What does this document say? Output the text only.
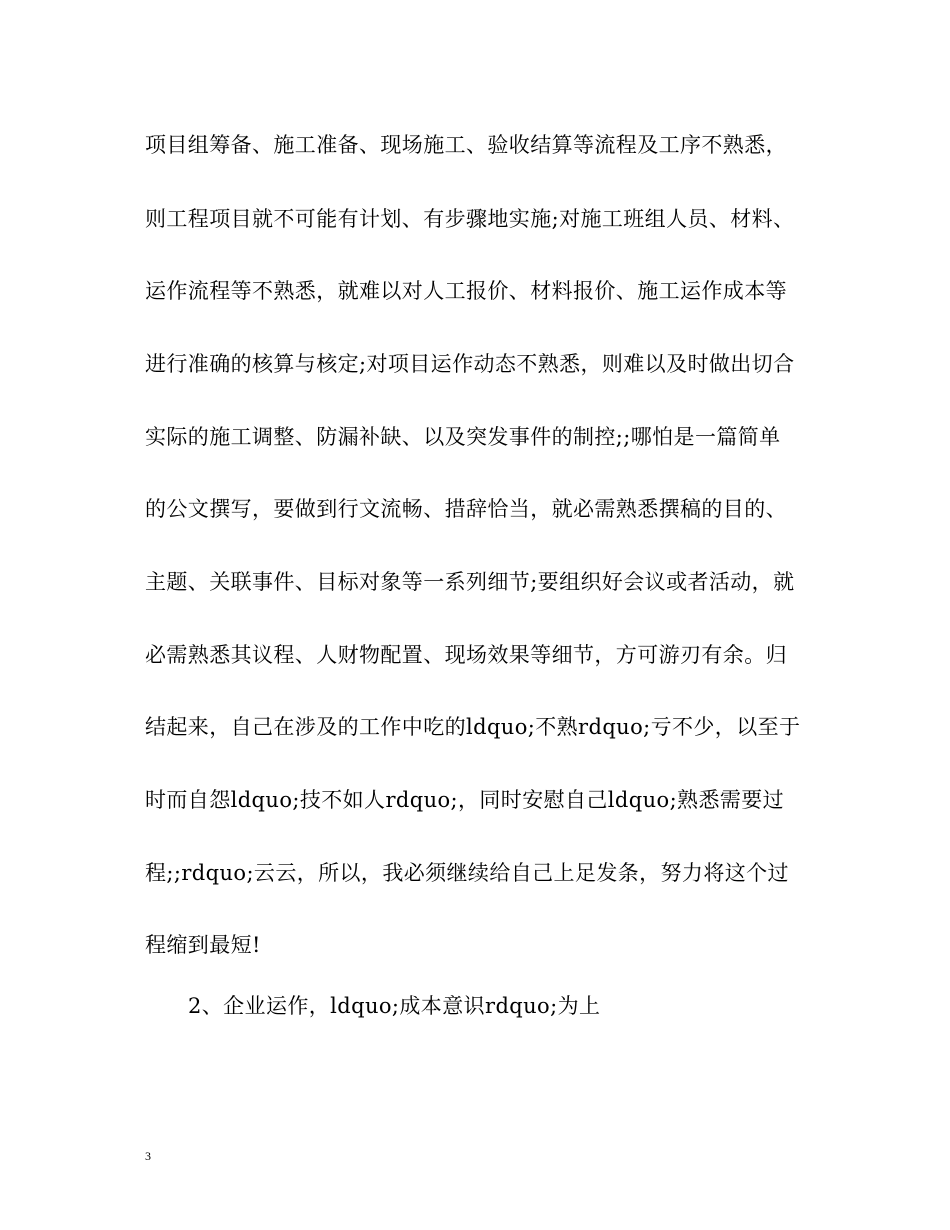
项目组筹备、施工准备、现场施工、验收结算等流程及工序不熟悉，
则工程项目就不可能有计划、有步骤地实施;对施工班组人员、材料、
运作流程等不熟悉，就难以对人工报价、材料报价、施工运作成本等
进行准确的核算与核定;对项目运作动态不熟悉，则难以及时做出切合
实际的施工调整、防漏补缺、以及突发事件的制控;;哪怕是一篇简单
的公文撰写，要做到行文流畅、措辞恰当，就必需熟悉撰稿的目的、
主题、关联事件、目标对象等一系列细节;要组织好会议或者活动，就
必需熟悉其议程、人财物配置、现场效果等细节，方可游刃有余。归
结起来，自己在涉及的工作中吃的ldquo;不熟rdquo;亏不少，以至于
时而自怨ldquo;技不如人rdquo;，同时安慰自己ldquo;熟悉需要过
程;;rdquo;云云，所以，我必须继续给自己上足发条，努力将这个过
程缩到最短!
2、企业运作，ldquo;成本意识rdquo;为上
3
